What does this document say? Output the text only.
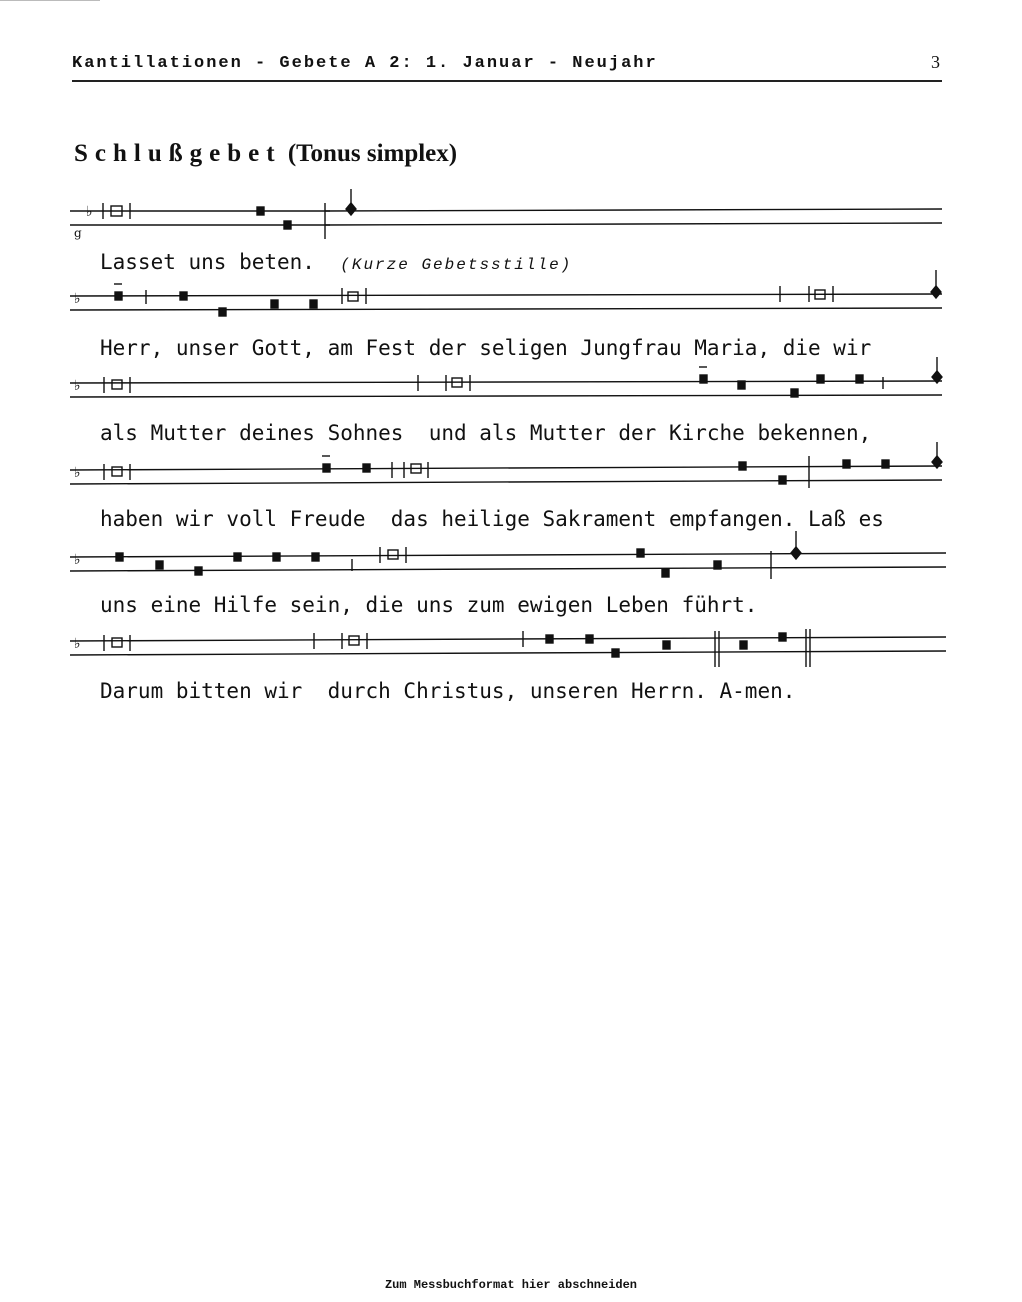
Kantillationen - Gebete A 2: 1. Januar - Neujahr	3
Schlußgebet (Tonus simplex)
♭
g
Lasset uns beten. (Kurze Gebetsstille)
♭
Herr, unser Gott, am Fest der seligen Jungfrau Maria, die wir
♭
als Mutter deines Sohnes  und als Mutter der Kirche bekennen,
♭
haben wir voll Freude  das heilige Sakrament empfangen. Laß es
♭
uns eine Hilfe sein, die uns zum ewigen Leben führt.
♭
Darum bitten wir  durch Christus, unseren Herrn. A-men.
Zum Messbuchformat hier abschneiden
